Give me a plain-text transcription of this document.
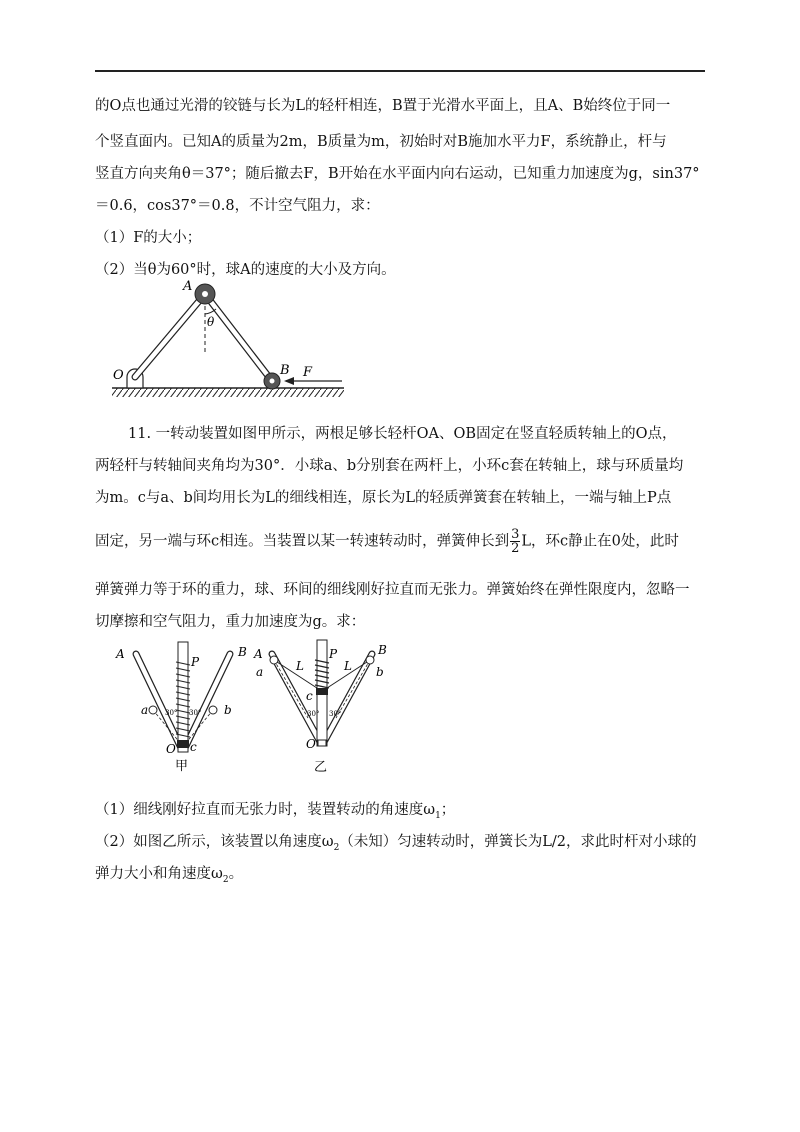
的O点也通过光滑的铰链与长为L的轻杆相连，B置于光滑水平面上，且A、B始终位于同一
个竖直面内。已知A的质量为2m，B质量为m，初始时对B施加水平力F，系统静止，杆与
竖直方向夹角θ＝37°；随后撤去F，B开始在水平面内向右运动，已知重力加速度为g，sin37°
＝0.6，cos37°＝0.8，不计空气阻力，求：
（1）F的大小；
（2）当θ为60°时，球A的速度的大小及方向。
A
θ
O	B F
11. 一转动装置如图甲所示，两根足够长轻杆OA、OB固定在竖直轻质转轴上的O点，
两轻杆与转轴间夹角均为30°．小球a、b分别套在两杆上，小环c套在转轴上，球与环质量均
为m。c与a、b间均用长为L的细线相连，原长为L的轻质弹簧套在转轴上，一端与轴上P点
固定，另一端与环c相连。当装置以某一转速转动时，弹簧伸长到 $\frac{3}{2}$ L，环c静止在0处，此时
弹簧弹力等于环的重力，球、环间的细线刚好拉直而无张力。弹簧始终在弹性限度内，忽略一
切摩擦和空气阻力，重力加速度为g。求：
A	B
P
a	b
30° 30°
O c
甲
A	B
P
a	b
L	L
c
30° 30°
O
乙
（1）细线刚好拉直而无张力时，装置转动的角速度$\omega_1$；
（2）如图乙所示，该装置以角速度$\omega_2$（未知）匀速转动时，弹簧长为L/2，求此时杆对小球的
弹力大小和角速度$\omega_2$。
